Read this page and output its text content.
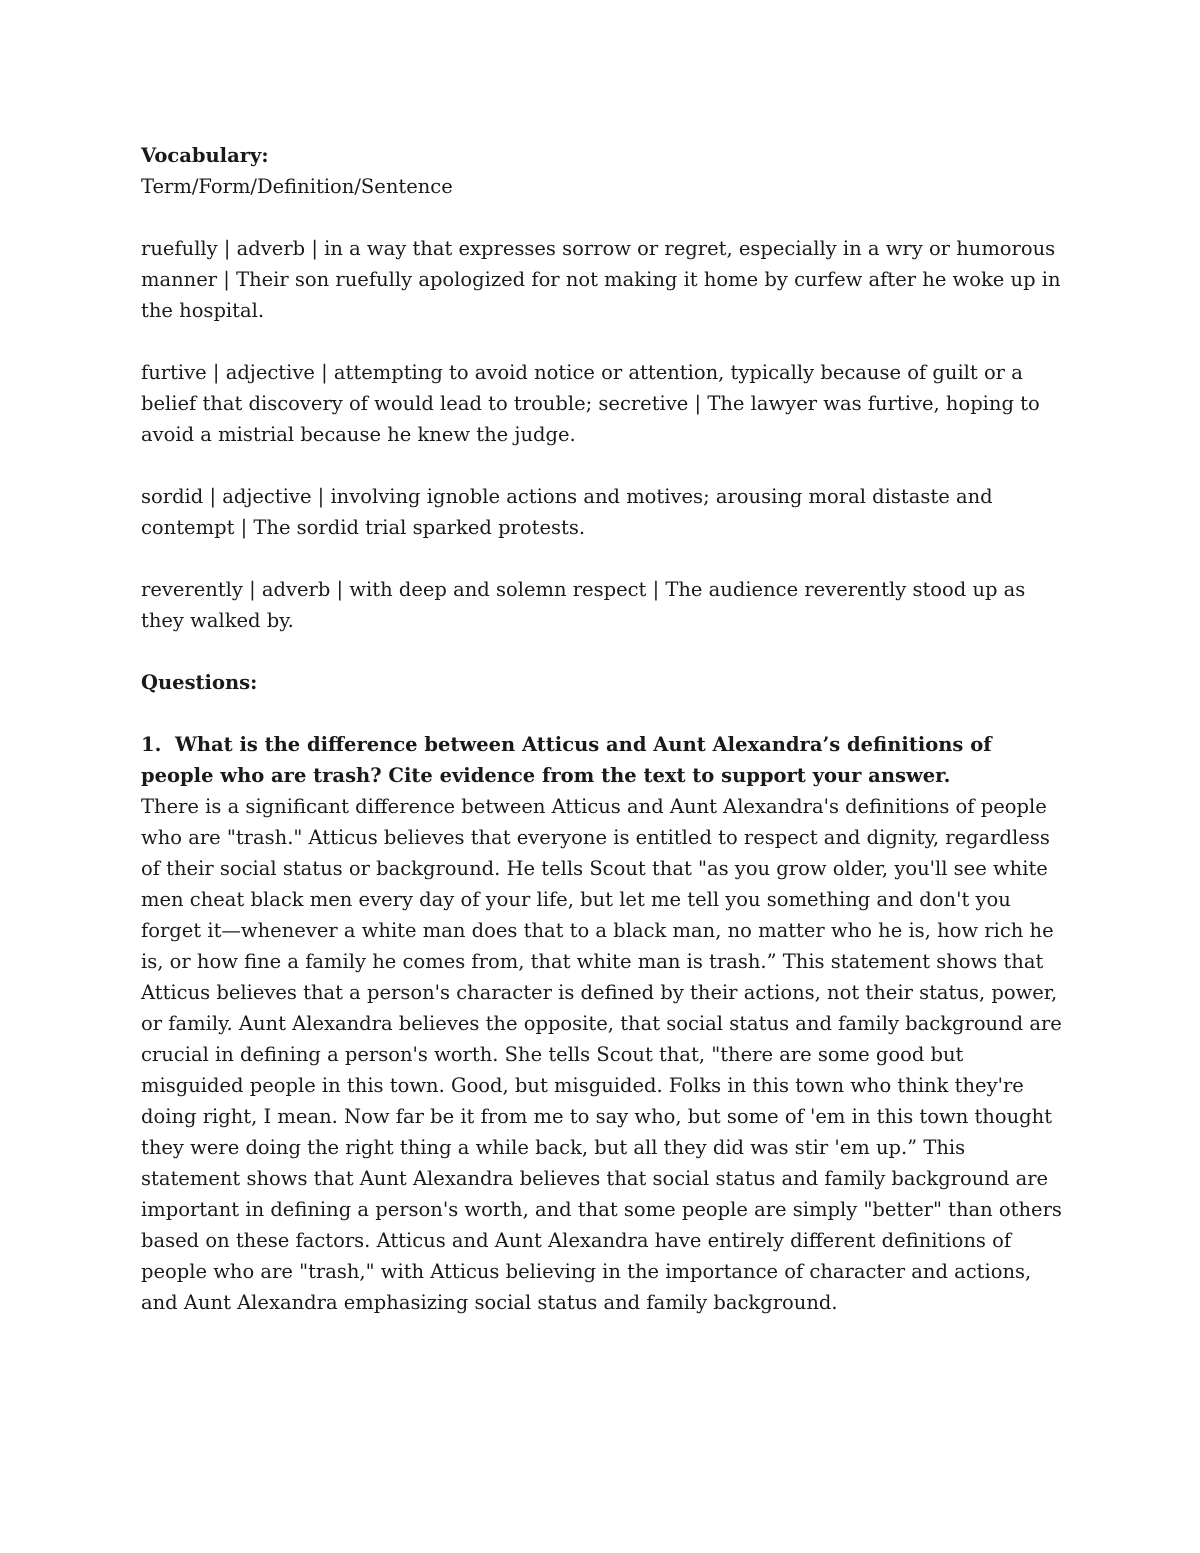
Vocabulary:

Term/Form/Definition/Sentence

ruefully | adverb | in a way that expresses sorrow or regret, especially in a wry or humorous manner | Their son ruefully apologized for not making it home by curfew after he woke up in the hospital.

furtive | adjective | attempting to avoid notice or attention, typically because of guilt or a belief that discovery of would lead to trouble; secretive | The lawyer was furtive, hoping to avoid a mistrial because he knew the judge.

sordid | adjective | involving ignoble actions and motives; arousing moral distaste and contempt | The sordid trial sparked protests.

reverently | adverb | with deep and solemn respect | The audience reverently stood up as they walked by.

Questions:

1. What is the difference between Atticus and Aunt Alexandra’s definitions of people who are trash? Cite evidence from the text to support your answer.

There is a significant difference between Atticus and Aunt Alexandra's definitions of people who are "trash." Atticus believes that everyone is entitled to respect and dignity, regardless of their social status or background. He tells Scout that "as you grow older, you'll see white men cheat black men every day of your life, but let me tell you something and don't you forget it—whenever a white man does that to a black man, no matter who he is, how rich he is, or how fine a family he comes from, that white man is trash.” This statement shows that Atticus believes that a person's character is defined by their actions, not their status, power, or family. Aunt Alexandra believes the opposite, that social status and family background are crucial in defining a person's worth. She tells Scout that, "there are some good but misguided people in this town. Good, but misguided. Folks in this town who think they're doing right, I mean. Now far be it from me to say who, but some of 'em in this town thought they were doing the right thing a while back, but all they did was stir 'em up.” This statement shows that Aunt Alexandra believes that social status and family background are important in defining a person's worth, and that some people are simply "better" than others based on these factors. Atticus and Aunt Alexandra have entirely different definitions of people who are "trash," with Atticus believing in the importance of character and actions, and Aunt Alexandra emphasizing social status and family background.
